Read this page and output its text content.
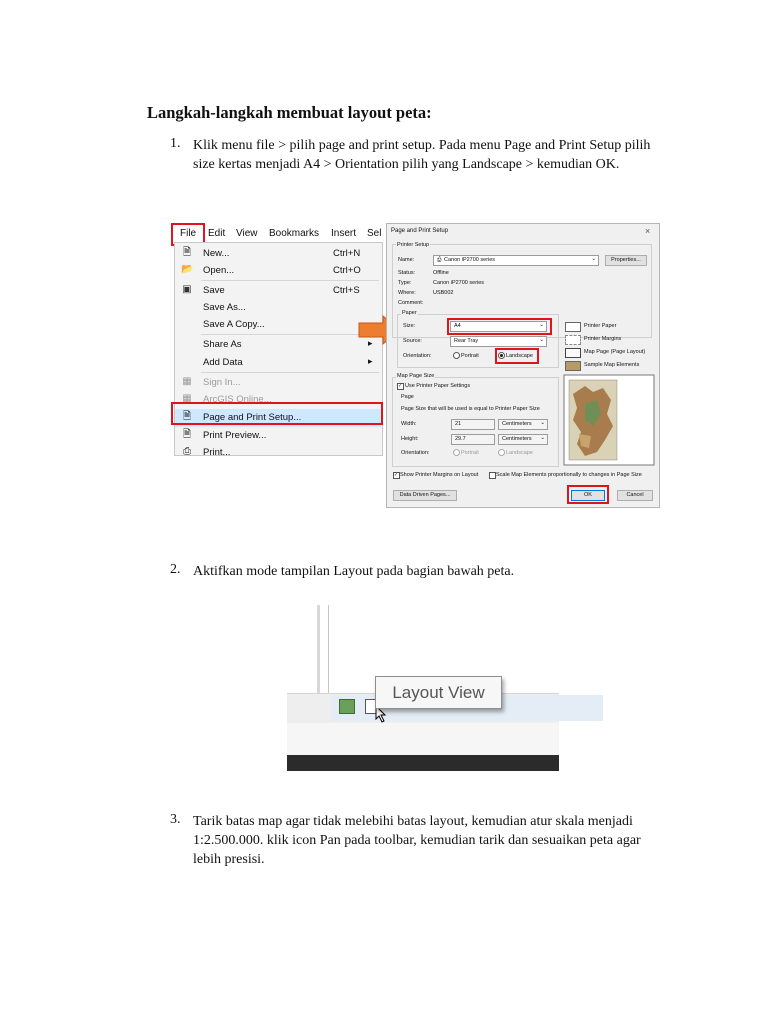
Langkah-langkah membuat layout peta:
1. Klik menu file > pilih page and print setup. Pada menu Page and Print Setup pilih size kertas menjadi A4 > Orientation pilih yang Landscape > kemudian OK.
File Edit View Bookmarks Insert Sel
🗎 New...	Ctrl+N
📂 Open...	Ctrl+O
▣ Save	Ctrl+S
Save As...
Save A Copy...
Share As	▸
Add Data	▸
▦ Sign In...
▦ ArcGIS Online...
🗎 Page and Print Setup...
🗎 Print Preview...
⎙ Print...
Page and Print Setup	×
Printer Setup
Name:	⎙ Canon iP2700 series	⌄	Properties...
Status:	Offline
Type:	Canon iP2700 series
Where:	USB002
Comment:
Paper
Size:	A4	⌄
Source:	Rear Tray	⌄
Orientation:	Portrait	Landscape
Printer Paper
Printer Margins
Map Page (Page Layout)
Sample Map Elements
Map Page Size
✓ Use Printer Paper Settings
Page
Page Size that will be used is equal to Printer Paper Size
Width:	21	Centimeters ⌄
Height:	29.7	Centimeters ⌄
Orientation:	Portrait	Landscape
✓ Show Printer Margins on Layout	Scale Map Elements proportionally to changes in Page Size
Data Driven Pages...	OK	Cancel
2. Aktifkan mode tampilan Layout pada bagian bawah peta.
Layout View
3. Tarik batas map agar tidak melebihi batas layout, kemudian atur skala menjadi 1:2.500.000. klik icon Pan pada toolbar, kemudian tarik dan sesuaikan peta agar lebih presisi.
